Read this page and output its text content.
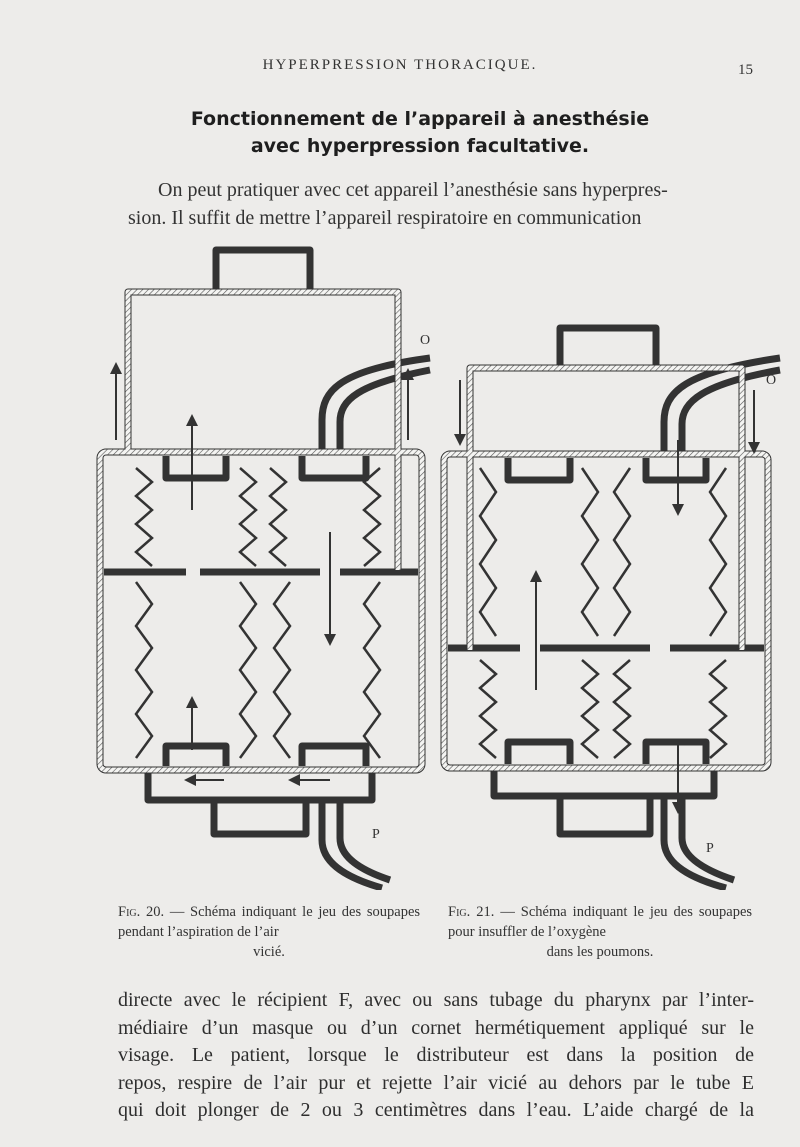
HYPERPRESSION THORACIQUE.	15
Fonctionnement de l’appareil à anesthésie
avec hyperpression facultative.
On peut pratiquer avec cet appareil l’anesthésie sans hyperpres-
sion. Il suffit de mettre l’appareil respiratoire en communication
O
P
O
P
Fig. 20. — Schéma indiquant le jeu des soupapes pendant l’aspiration de l’air
vicié.
Fig. 21. — Schéma indiquant le jeu des soupapes pour insuffler de l’oxygène
dans les poumons.
directe avec le récipient F, avec ou sans tubage du pharynx par l’inter-
médiaire d’un masque ou d’un cornet hermétiquement appliqué sur le
visage. Le patient, lorsque le distributeur est dans la position de
repos, respire de l’air pur et rejette l’air vicié au dehors par le tube E
qui doit plonger de 2 ou 3 centimètres dans l’eau. L’aide chargé de la
